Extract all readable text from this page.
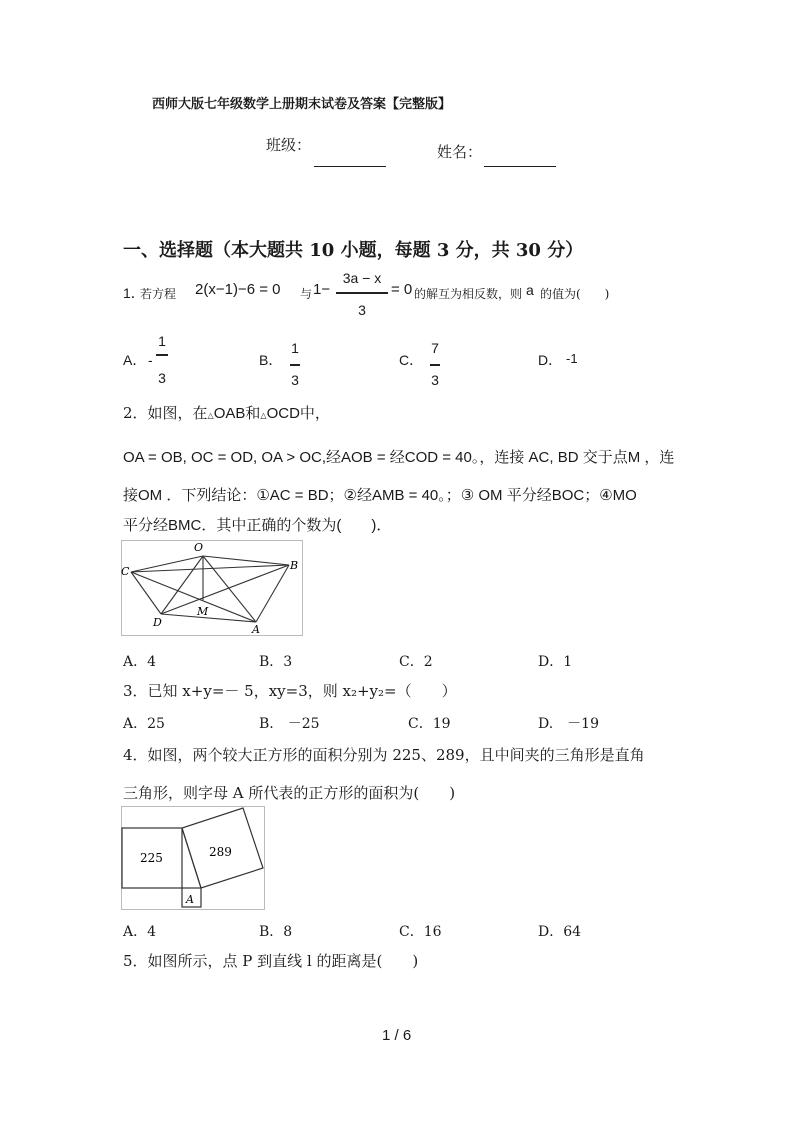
西师大版七年级数学上册期末试卷及答案【完整版】
班级：	姓名：
一、选择题（本大题共 10 小题，每题 3 分，共 30 分）
1．
若方程 2(x−1)−6 = 0 与 1−
3a − x
3
= 0 的解互为相反数，则 a 的值为(　　)
A． -
1
3
B．
1
3
C．
7
3
D． -1
2．如图，在△OAB和△OCD中，
OA = OB, OC = OD, OA > OC,经AOB = 经COD = 40。，连接 AC, BD 交于点M ，连
接OM ．下列结论：①AC = BD；②经AMB = 40。；③ OM 平分经BOC；④MO
平分经BMC．其中正确的个数为(　　)．
O
B
C
D
M
A
A．4	B．3	C．2	D．1
3．已知 x+y=－ 5，xy=3，则 x₂+y₂=（　　）
A．25	B.　－25	C．19	D.　－19
4．如图，两个较大正方形的面积分别为 225、289，且中间夹的三角形是直角
三角形，则字母 A 所代表的正方形的面积为(　　)
225	289
A
A．4	B．8	C．16	D．64
5．如图所示，点 P 到直线 l 的距离是(　　)
1 / 6
